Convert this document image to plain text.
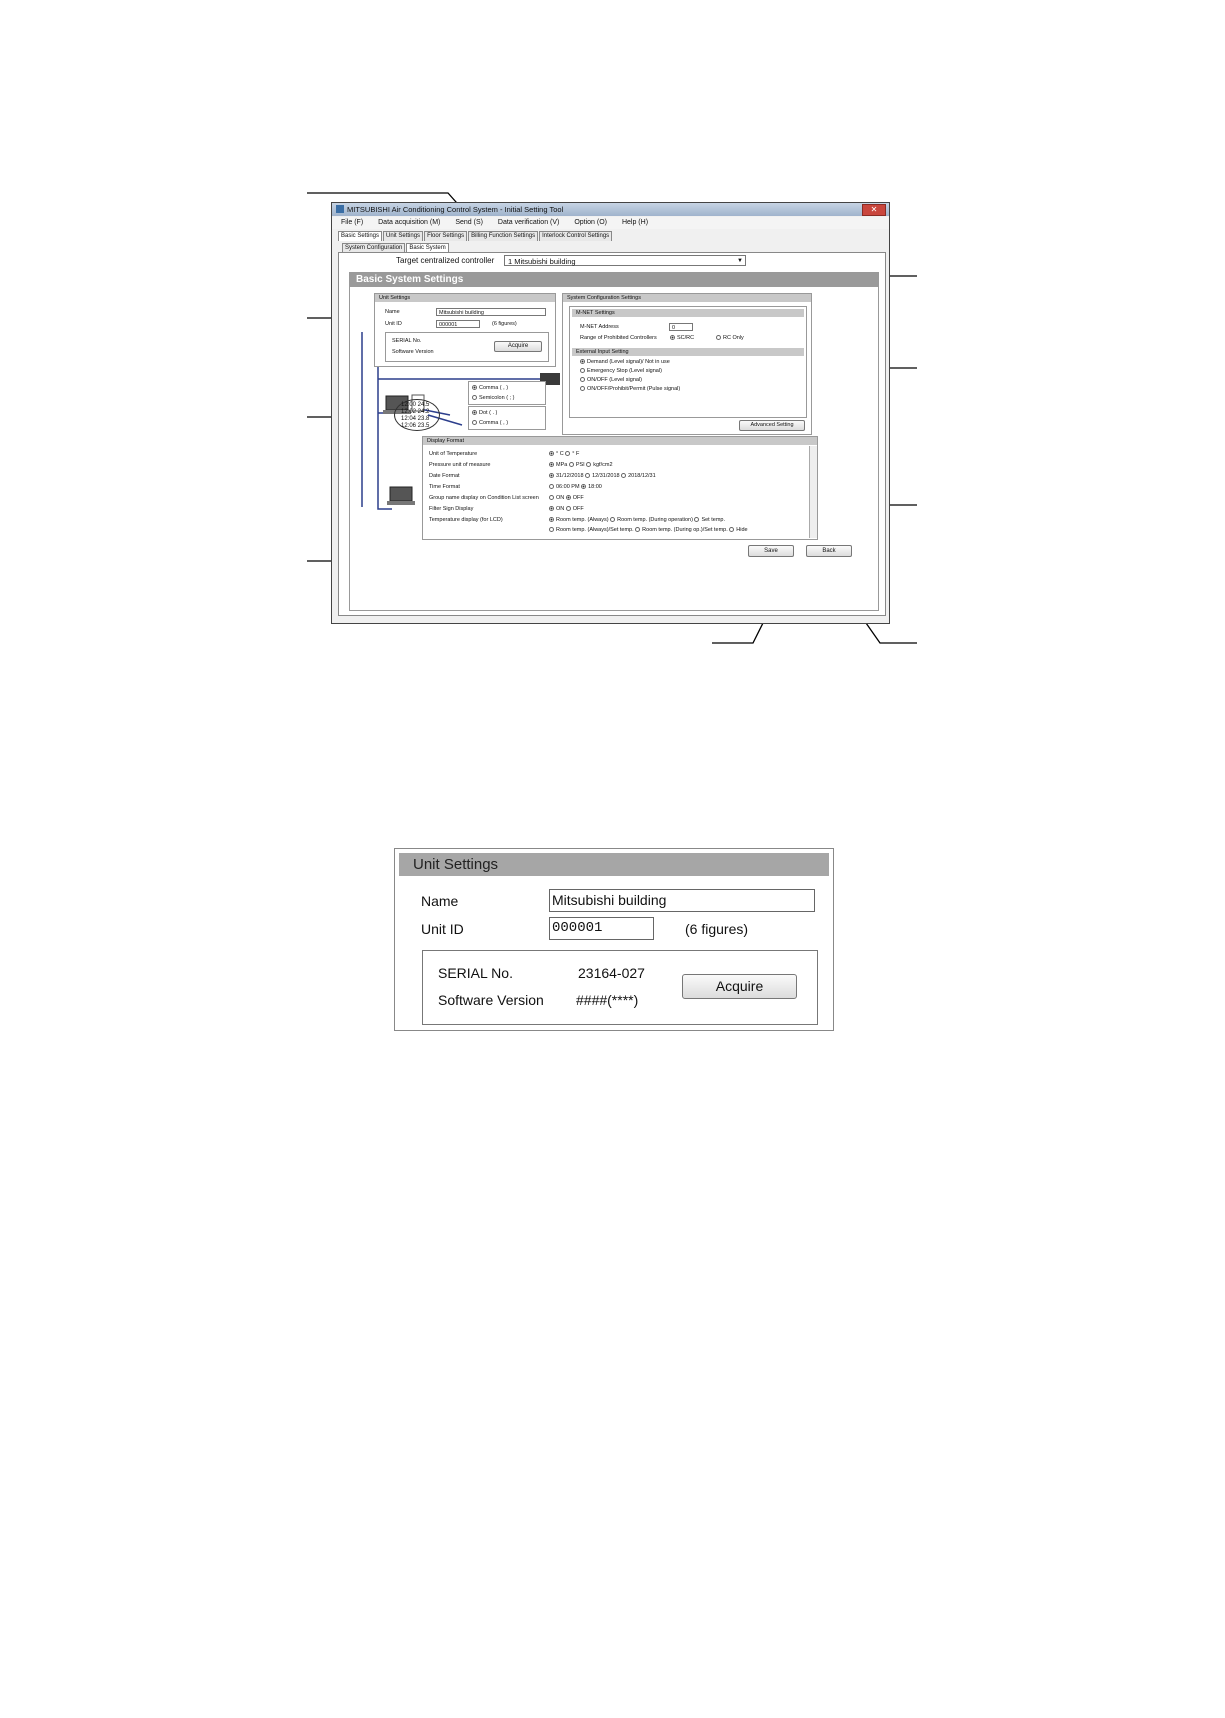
MITSUBISHI Air Conditioning Control System - Initial Setting Tool	✕
File (F) Data acquisition (M) Send (S) Data verification (V) Option (O) Help (H)
Basic Settings Unit Settings Floor Settings Billing Function Settings Interlock Control Settings
System Configuration Basic System
Target centralized controller	1 Mitsubishi building	▼
Basic System Settings
12:00 24.5
12:02 24.2
12:04 23.8
12:06 23.5
Unit Settings
Name	Mitsubishi building
Unit ID	000001	(6 figures)
SERIAL No.
Software Version
Acquire
Comma ( , )
Semicolon ( ; )
Dot ( . )
Comma ( , )
System Configuration Settings
M-NET Settings
M-NET Address	0
Range of Prohibited Controllers	SC/RC	RC Only
External Input Setting
Demand (Level signal)/ Not in use
Emergency Stop (Level signal)
ON/OFF (Level signal)
ON/OFF/Prohibit/Permit (Pulse signal)
Advanced Setting
Display Format
Unit of Temperature	° C ° F
Pressure unit of measure	MPa PSI kgf/cm2
Date Format	31/12/2018 12/31/2018 2018/12/31
Time Format	06:00 PM 18:00
Group name display on Condition List screen	ON OFF
Filter Sign Display	ON OFF
Temperature display (for LCD)	Room temp. (Always) Room temp. (During operation) Set temp.
Room temp. (Always)/Set temp. Room temp. (During op.)/Set temp. Hide
Save	Back
Unit Settings
Name	Mitsubishi building
Unit ID	000001	(6 figures)
SERIAL No.	23164-027
Software Version ####(****)
Acquire
